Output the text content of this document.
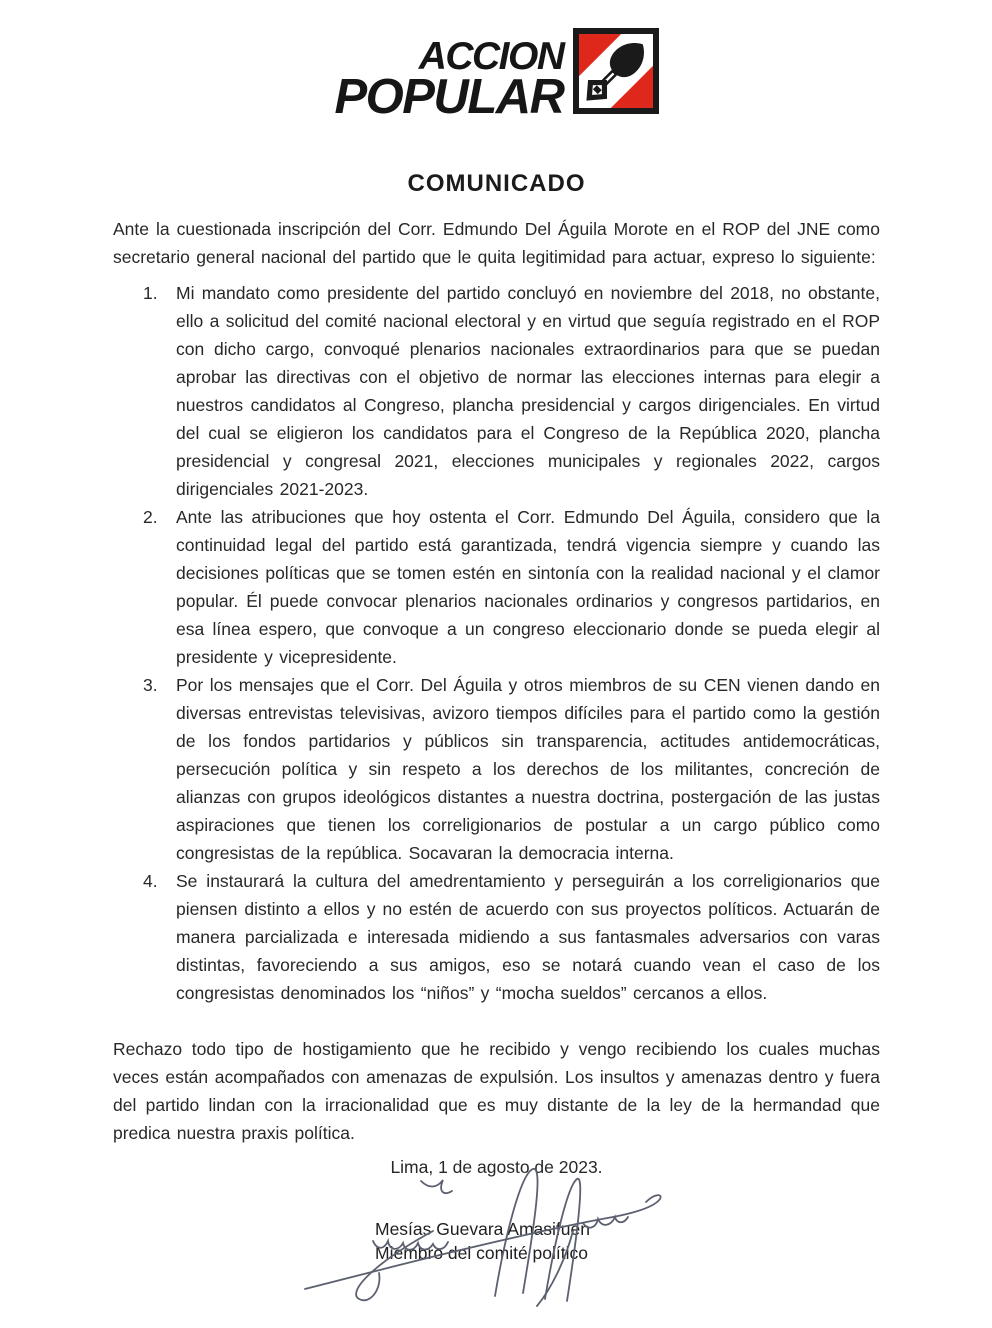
ACCION
POPULAR
COMUNICADO

Ante la cuestionada inscripción del Corr. Edmundo Del Águila Morote en el ROP del JNE como secretario general nacional del partido que le quita legitimidad para actuar, expreso lo siguiente:

1. Mi mandato como presidente del partido concluyó en noviembre del 2018, no obstante, ello a solicitud del comité nacional electoral y en virtud que seguía registrado en el ROP con dicho cargo, convoqué plenarios nacionales extraordinarios para que se puedan aprobar las directivas con el objetivo de normar las elecciones internas para elegir a nuestros candidatos al Congreso, plancha presidencial y cargos dirigenciales. En virtud del cual se eligieron los candidatos para el Congreso de la República 2020, plancha presidencial y congresal 2021, elecciones municipales y regionales 2022, cargos dirigenciales 2021-2023.
2. Ante las atribuciones que hoy ostenta el Corr. Edmundo Del Águila, considero que la continuidad legal del partido está garantizada, tendrá vigencia siempre y cuando las decisiones políticas que se tomen estén en sintonía con la realidad nacional y el clamor popular. Él puede convocar plenarios nacionales ordinarios y congresos partidarios, en esa línea espero, que convoque a un congreso eleccionario donde se pueda elegir al presidente y vicepresidente.
3. Por los mensajes que el Corr. Del Águila y otros miembros de su CEN vienen dando en diversas entrevistas televisivas, avizoro tiempos difíciles para el partido como la gestión de los fondos partidarios y públicos sin transparencia, actitudes antidemocráticas, persecución política y sin respeto a los derechos de los militantes, concreción de alianzas con grupos ideológicos distantes a nuestra doctrina, postergación de las justas aspiraciones que tienen los correligionarios de postular a un cargo público como congresistas de la república. Socavaran la democracia interna.
4. Se instaurará la cultura del amedrentamiento y perseguirán a los correligionarios que piensen distinto a ellos y no estén de acuerdo con sus proyectos políticos. Actuarán de manera parcializada e interesada midiendo a sus fantasmales adversarios con varas distintas, favoreciendo a sus amigos, eso se notará cuando vean el caso de los congresistas denominados los “niños” y “mocha sueldos” cercanos a ellos.

Rechazo todo tipo de hostigamiento que he recibido y vengo recibiendo los cuales muchas veces están acompañados con amenazas de expulsión. Los insultos y amenazas dentro y fuera del partido lindan con la irracionalidad que es muy distante de la ley de la hermandad que predica nuestra praxis política.

Lima, 1 de agosto de 2023.
Mesías Guevara Amasifuen
Miembro del comité político
